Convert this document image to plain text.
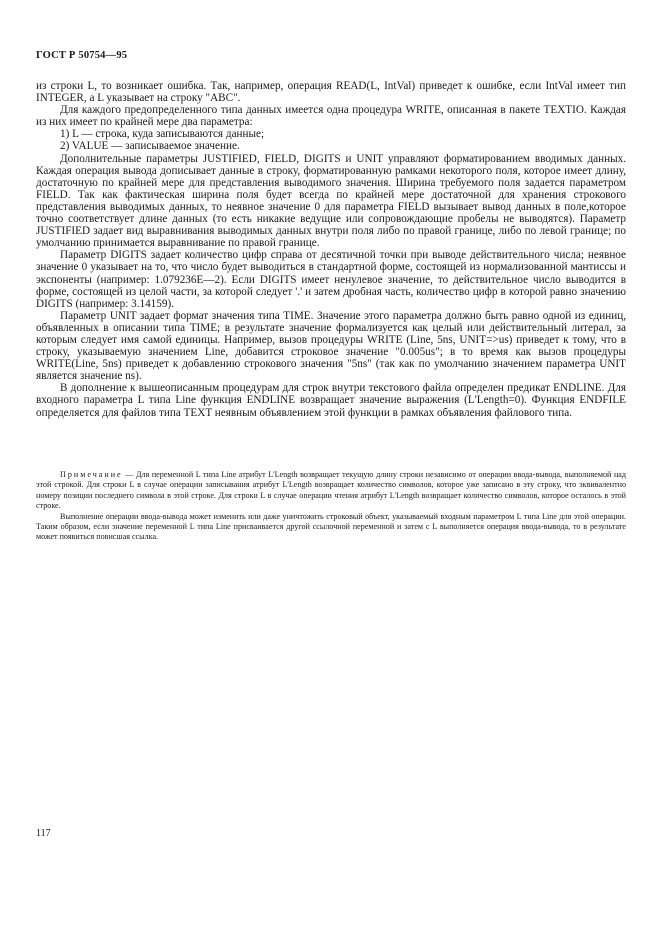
ГОСТ Р 50754—95

из строки L, то возникает ошибка. Так, например, операция READ(L, IntVal) приведет к ошибке, если IntVal имеет тип INTEGER, а L указывает на строку "ABC".

Для каждого предопределенного типа данных имеется одна процедура WRITE, описанная в пакете TEXTIO. Каждая из них имеет по крайней мере два параметра:

1) L — строка, куда записываются данные;

2) VALUE — записываемое значение.

Дополнительные параметры JUSTIFIED, FIELD, DIGITS и UNIT управляют форматированием вводимых данных. Каждая операция вывода дописывает данные в строку, форматированную рамками некоторого поля, которое имеет длину, достаточную по крайней мере для представления выводимого значения. Ширина требуемого поля задается параметром FIELD. Так как фактическая ширина поля будет всегда по крайней мере достаточной для хранения строкового представления выводимых данных, то неявное значение 0 для параметра FIELD вызывает вывод данных в поле,которое точно соответствует длине данных (то есть никакие ведущие или сопровождающие пробелы не выводятся). Параметр JUSTIFIED задает вид выравнивания выводимых данных внутри поля либо по правой границе, либо по левой границе; по умолчанию принимается выравнивание по правой границе.

Параметр DIGITS задает количество цифр справа от десятичной точки при выводе действительного числа; неявное значение 0 указывает на то, что число будет выводиться в стандартной форме, состоящей из нормализованной мантиссы и экспоненты (например: 1.079236E—2). Если DIGITS имеет ненулевое значение, то действительное число выводится в форме, состоящей из целой части, за которой следует '.' и затем дробная часть, количество цифр в которой равно значению DIGITS (например: 3.14159).

Параметр UNIT задает формат значения типа TIME. Значение этого параметра должно быть равно одной из единиц, объявленных в описании типа TIME; в результате значение формализуется как целый или действительный литерал, за которым следует имя самой единицы. Например, вызов процедуры WRITE (Line, 5ns, UNIT=>us) приведет к тому, что в строку, указываемую значением Line, добавится строковое значение "0.005us"; в то время как вызов процедуры WRITE(Line, 5ns) приведет к добавлению строкового значения "5ns" (так как по умолчанию значением параметра UNIT является значение ns).

В дополнение к вышеописанным процедурам для строк внутри текстового файла определен предикат ENDLINE. Для входного параметра L типа Line функция ENDLINE возвращает значение выражения (L'Length=0). Функция ENDFILE определяется для файлов типа TEXT неявным объявлением этой функции в рамках объявления файлового типа.

Примечание — Для переменной L типа Line атрибут L'Length возвращает текущую длину строки независимо от операции ввода-вывода, выполняемой над этой строкой. Для строки L в случае операции записывания атрибут L'Length возвращает количество символов, которое уже записано в эту строку, что эквивалентно номеру позиции последнего символа в этой строке. Для строки L в случае операции чтения атрибут L'Length возвращает количество символов, которое осталось в этой строке.

Выполнение операции ввода-вывода может изменить или даже уничтожить строковый объект, указываемый входным параметром L типа Line для этой операции. Таким образом, если значение переменной L типа Line присваивается другой ссылочной переменной и затем с L выполняется операция ввода-вывода, то в результате может появиться повисшая ссылка.

117
